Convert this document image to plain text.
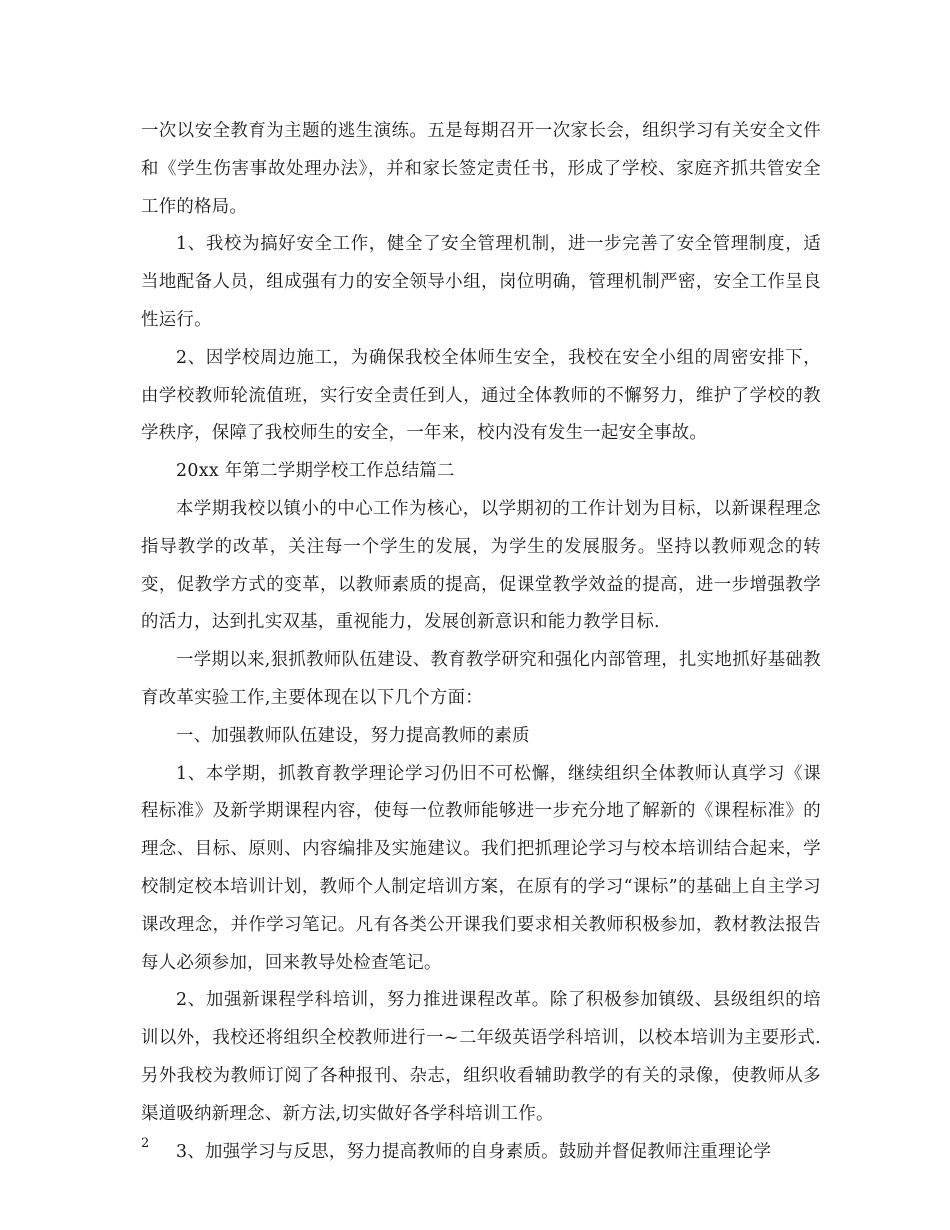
一次以安全教育为主题的逃生演练。五是每期召开一次家长会，组织学习有关安全文件和《学生伤害事故处理办法》，并和家长签定责任书，形成了学校、家庭齐抓共管安全工作的格局。

1、我校为搞好安全工作，健全了安全管理机制，进一步完善了安全管理制度，适当地配备人员，组成强有力的安全领导小组，岗位明确，管理机制严密，安全工作呈良性运行。

2、因学校周边施工，为确保我校全体师生安全，我校在安全小组的周密安排下，由学校教师轮流值班，实行安全责任到人，通过全体教师的不懈努力，维护了学校的教学秩序，保障了我校师生的安全，一年来，校内没有发生一起安全事故。

20xx 年第二学期学校工作总结篇二

本学期我校以镇小的中心工作为核心，以学期初的工作计划为目标，以新课程理念指导教学的改革，关注每一个学生的发展，为学生的发展服务。坚持以教师观念的转变，促教学方式的变革，以教师素质的提高，促课堂教学效益的提高，进一步增强教学的活力，达到扎实双基，重视能力，发展创新意识和能力教学目标.

一学期以来,狠抓教师队伍建设、教育教学研究和强化内部管理，扎实地抓好基础教育改革实验工作,主要体现在以下几个方面：

一、加强教师队伍建设，努力提高教师的素质

1、本学期，抓教育教学理论学习仍旧不可松懈，继续组织全体教师认真学习《课程标准》及新学期课程内容，使每一位教师能够进一步充分地了解新的《课程标准》的理念、目标、原则、内容编排及实施建议。我们把抓理论学习与校本培训结合起来，学校制定校本培训计划，教师个人制定培训方案，在原有的学习“课标”的基础上自主学习课改理念，并作学习笔记。凡有各类公开课我们要求相关教师积极参加，教材教法报告每人必须参加，回来教导处检查笔记。

2、加强新课程学科培训，努力推进课程改革。除了积极参加镇级、县级组织的培训以外，我校还将组织全校教师进行一~二年级英语学科培训，以校本培训为主要形式.另外我校为教师订阅了各种报刊、杂志，组织收看辅助教学的有关的录像，使教师从多渠道吸纳新理念、新方法,切实做好各学科培训工作。

3、加强学习与反思，努力提高教师的自身素质。鼓励并督促教师注重理论学

2
